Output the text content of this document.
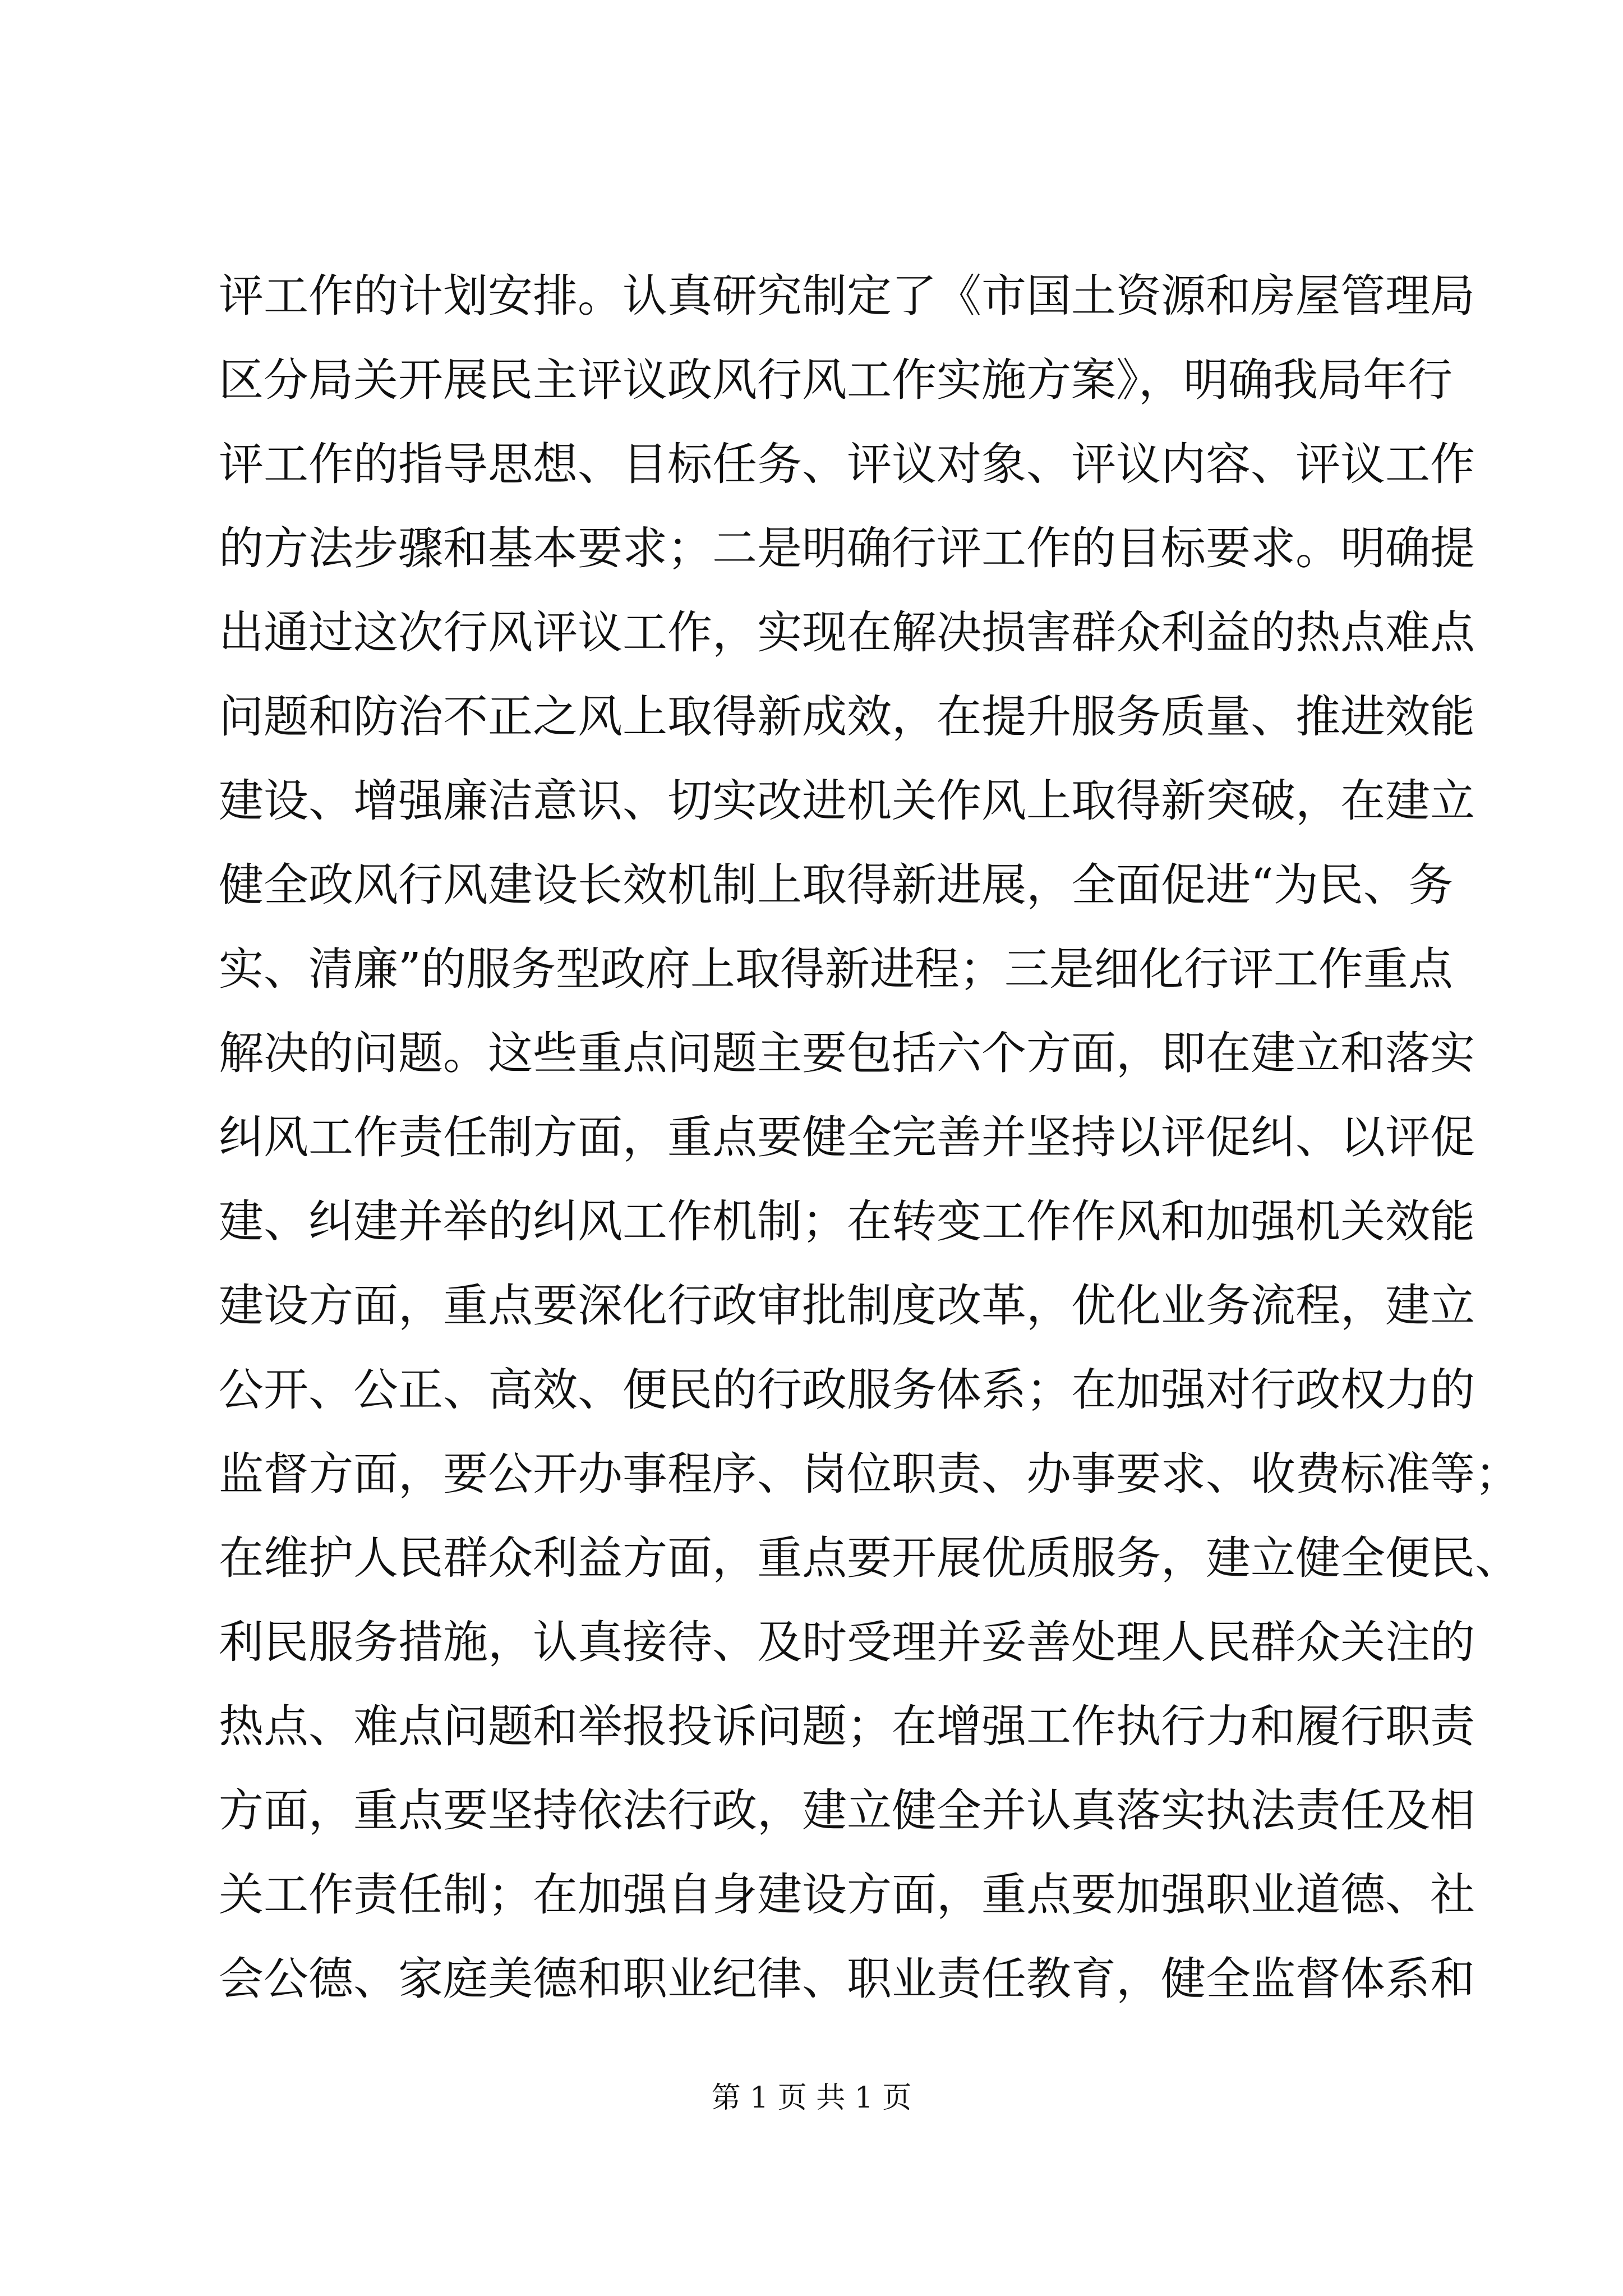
评工作的计划安排。认真研究制定了《市国土资源和房屋管理局
区分局关开展民主评议政风行风工作实施方案》，明确我局年行
评工作的指导思想、目标任务、评议对象、评议内容、评议工作
的方法步骤和基本要求；二是明确行评工作的目标要求。明确提
出通过这次行风评议工作，实现在解决损害群众利益的热点难点
问题和防治不正之风上取得新成效，在提升服务质量、推进效能
建设、增强廉洁意识、切实改进机关作风上取得新突破，在建立
健全政风行风建设长效机制上取得新进展，全面促进“为民、务
实、清廉”的服务型政府上取得新进程；三是细化行评工作重点
解决的问题。这些重点问题主要包括六个方面，即在建立和落实
纠风工作责任制方面，重点要健全完善并坚持以评促纠、以评促
建、纠建并举的纠风工作机制；在转变工作作风和加强机关效能
建设方面，重点要深化行政审批制度改革，优化业务流程，建立
公开、公正、高效、便民的行政服务体系；在加强对行政权力的
监督方面，要公开办事程序、岗位职责、办事要求、收费标准等；
在维护人民群众利益方面，重点要开展优质服务，建立健全便民、
利民服务措施，认真接待、及时受理并妥善处理人民群众关注的
热点、难点问题和举报投诉问题；在增强工作执行力和履行职责
方面，重点要坚持依法行政，建立健全并认真落实执法责任及相
关工作责任制；在加强自身建设方面，重点要加强职业道德、社
会公德、家庭美德和职业纪律、职业责任教育，健全监督体系和
第 1 页 共 1 页
